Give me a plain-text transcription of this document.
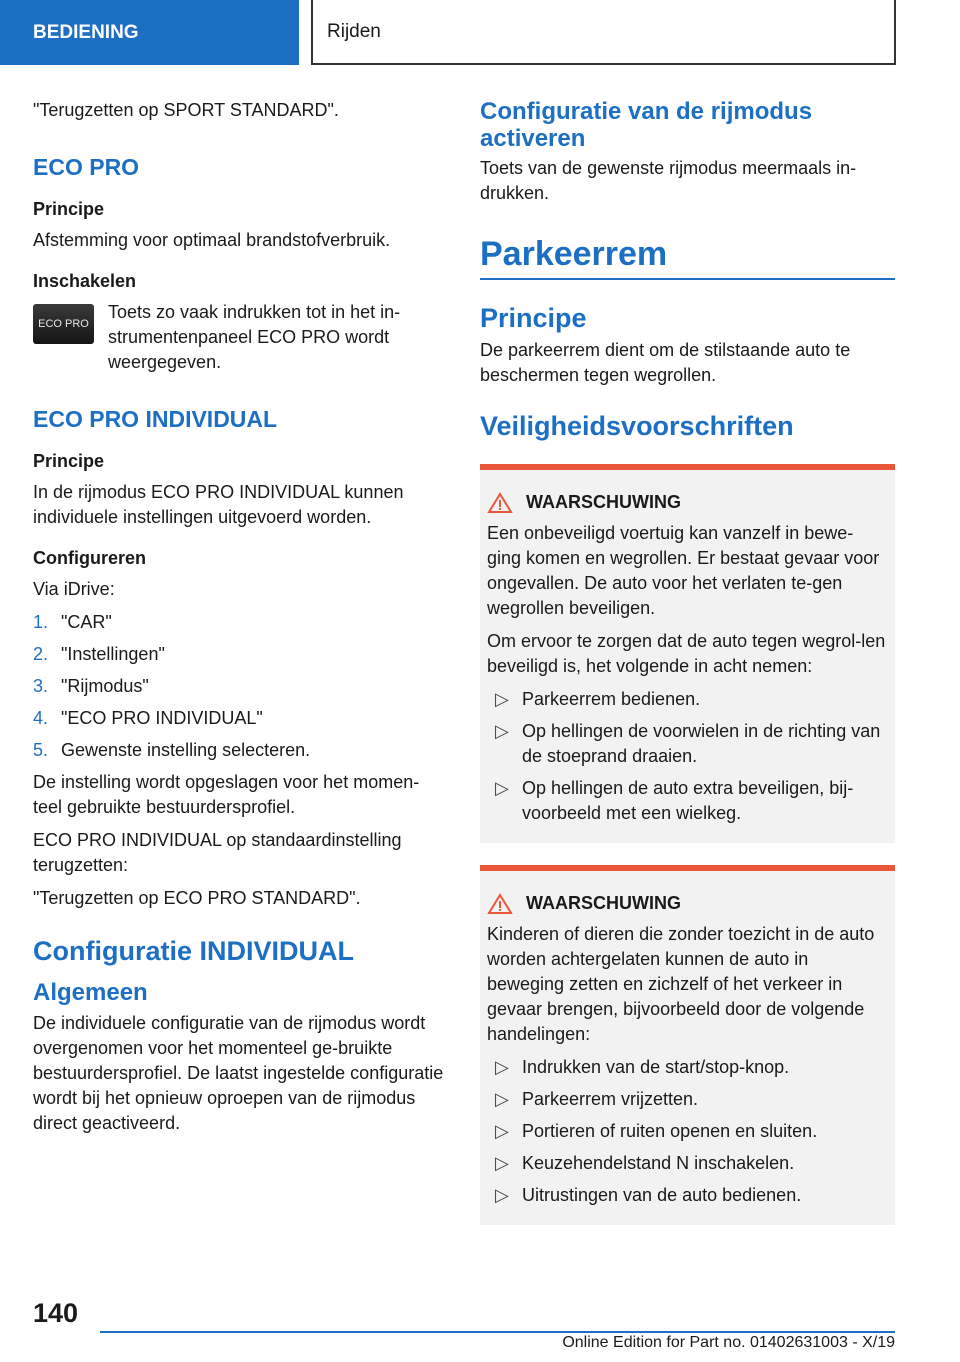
BEDIENING	Rijden

"Terugzetten op SPORT STANDARD".

ECO PRO
Principe

Afstemming voor optimaal brandstofverbruik.

Inschakelen
ECO PRO
Toets zo vaak indrukken tot in het in-strumentenpaneel ECO PRO wordt weergegeven.
ECO PRO INDIVIDUAL
Principe

In de rijmodus ECO PRO INDIVIDUAL kunnen individuele instellingen uitgevoerd worden.

Configureren

Via iDrive:

1. "CAR"
2. "Instellingen"
3. "Rijmodus"
4. "ECO PRO INDIVIDUAL"
5. Gewenste instelling selecteren.

De instelling wordt opgeslagen voor het momen-teel gebruikte bestuurdersprofiel.

ECO PRO INDIVIDUAL op standaardinstelling terugzetten:

"Terugzetten op ECO PRO STANDARD".

Configuratie INDIVIDUAL
Algemeen

De individuele configuratie van de rijmodus wordt overgenomen voor het momenteel ge-bruikte bestuurdersprofiel. De laatst ingestelde configuratie wordt bij het opnieuw oproepen van de rijmodus direct geactiveerd.

Configuratie van de rijmodus activeren

Toets van de gewenste rijmodus meermaals in-drukken.

Parkeerrem
Principe

De parkeerrem dient om de stilstaande auto te beschermen tegen wegrollen.

Veiligheidsvoorschriften
WAARSCHUWING

Een onbeveiligd voertuig kan vanzelf in bewe-ging komen en wegrollen. Er bestaat gevaar voor ongevallen. De auto voor het verlaten te-gen wegrollen beveiligen.

Om ervoor te zorgen dat de auto tegen wegrol-len beveiligd is, het volgende in acht nemen:

▷ Parkeerrem bedienen.
▷ Op hellingen de voorwielen in de richting van de stoeprand draaien.
▷ Op hellingen de auto extra beveiligen, bij-voorbeeld met een wielkeg.
WAARSCHUWING

Kinderen of dieren die zonder toezicht in de auto worden achtergelaten kunnen de auto in beweging zetten en zichzelf of het verkeer in gevaar brengen, bijvoorbeeld door de volgende handelingen:

▷ Indrukken van de start/stop-knop.
▷ Parkeerrem vrijzetten.
▷ Portieren of ruiten openen en sluiten.
▷ Keuzehendelstand N inschakelen.
▷ Uitrustingen van de auto bedienen.
140
Online Edition for Part no. 01402631003 - X/19
